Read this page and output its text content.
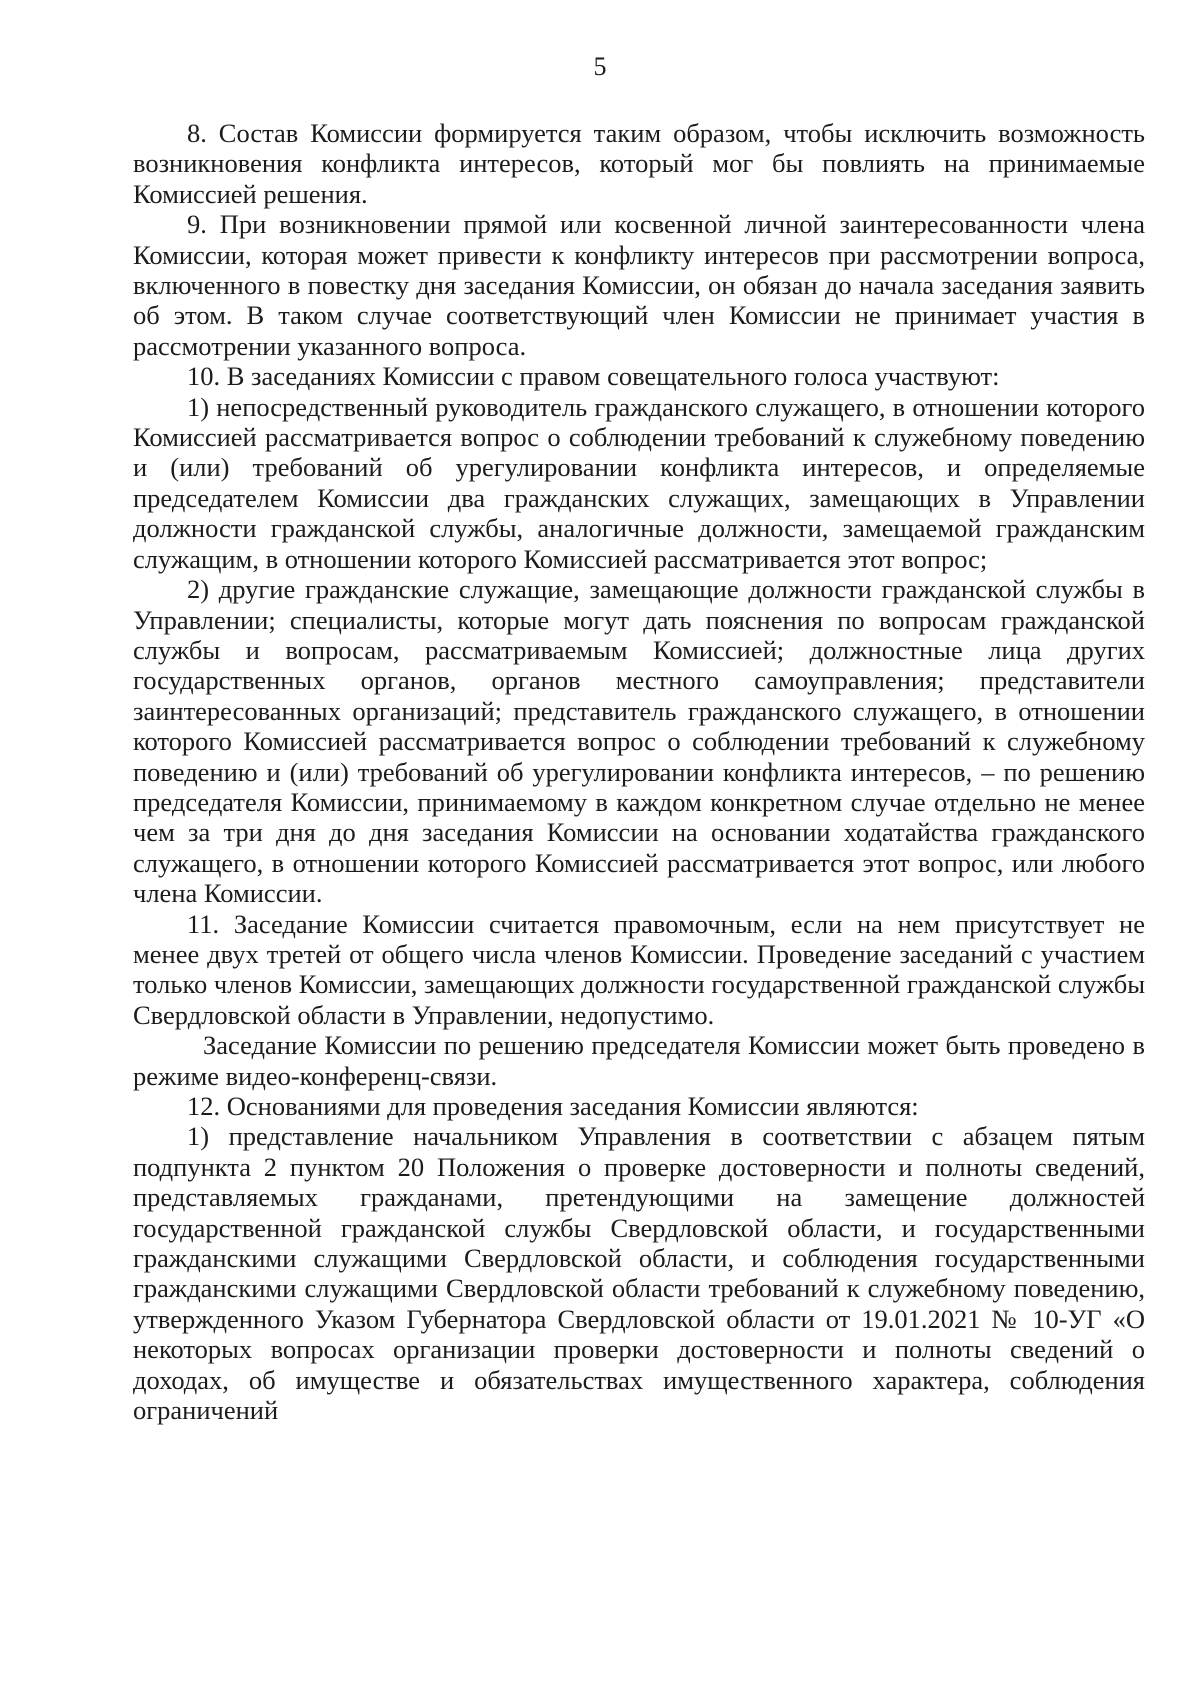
5

8. Состав Комиссии формируется таким образом, чтобы исключить возможность возникновения конфликта интересов, который мог бы повлиять на принимаемые Комиссией решения.

9. При возникновении прямой или косвенной личной заинтересованности члена Комиссии, которая может привести к конфликту интересов при рассмотрении вопроса, включенного в повестку дня заседания Комиссии, он обязан до начала заседания заявить об этом. В таком случае соответствующий член Комиссии не принимает участия в рассмотрении указанного вопроса.

10. В заседаниях Комиссии с правом совещательного голоса участвуют:

1) непосредственный руководитель гражданского служащего, в отношении которого Комиссией рассматривается вопрос о соблюдении требований к служебному поведению и (или) требований об урегулировании конфликта интересов, и определяемые председателем Комиссии два гражданских служащих, замещающих в Управлении должности гражданской службы, аналогичные должности, замещаемой гражданским служащим, в отношении которого Комиссией рассматривается этот вопрос;

2) другие гражданские служащие, замещающие должности гражданской службы в Управлении; специалисты, которые могут дать пояснения по вопросам гражданской службы и вопросам, рассматриваемым Комиссией; должностные лица других государственных органов, органов местного самоуправления; представители заинтересованных организаций; представитель гражданского служащего, в отношении которого Комиссией рассматривается вопрос о соблюдении требований к служебному поведению и (или) требований об урегулировании конфликта интересов, – по решению председателя Комиссии, принимаемому в каждом конкретном случае отдельно не менее чем за три дня до дня заседания Комиссии на основании ходатайства гражданского служащего, в отношении которого Комиссией рассматривается этот вопрос, или любого члена Комиссии.

11. Заседание Комиссии считается правомочным, если на нем присутствует не менее двух третей от общего числа членов Комиссии. Проведение заседаний с участием только членов Комиссии, замещающих должности государственной гражданской службы Свердловской области в Управлении, недопустимо.

Заседание Комиссии по решению председателя Комиссии может быть проведено в режиме видео-конференц-связи.

12. Основаниями для проведения заседания Комиссии являются:

1) представление начальником Управления в соответствии с абзацем пятым подпункта 2 пунктом 20 Положения о проверке достоверности и полноты сведений, представляемых гражданами, претендующими на замещение должностей государственной гражданской службы Свердловской области, и государственными гражданскими служащими Свердловской области, и соблюдения государственными гражданскими служащими Свердловской области требований к служебному поведению, утвержденного Указом Губернатора Свердловской области от 19.01.2021 № 10-УГ «О некоторых вопросах организации проверки достоверности и полноты сведений о доходах, об имуществе и обязательствах имущественного характера, соблюдения ограничений
